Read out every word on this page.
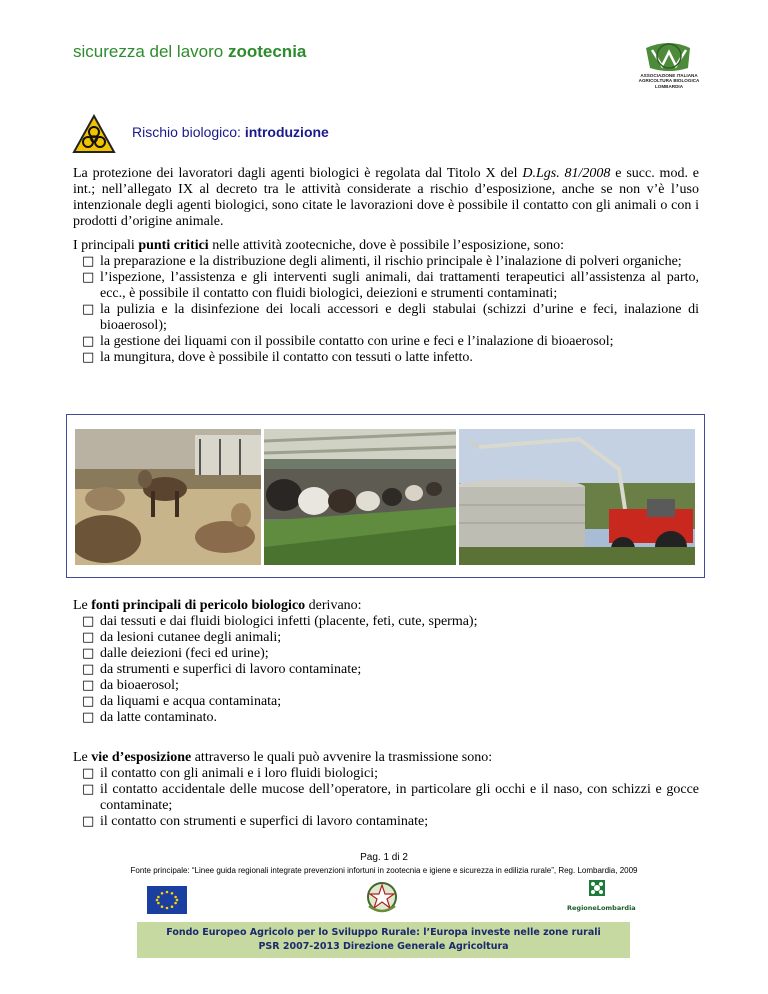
sicurezza del lavoro zootecnia
ASSOCIAZIONE ITALIANA
AGRICOLTURA BIOLOGICA
LOMBARDIA
Rischio biologico: introduzione

La protezione dei lavoratori dagli agenti biologici è regolata dal Titolo X del D.Lgs. 81/2008 e succ. mod. e int.; nell’allegato IX al decreto tra le attività considerate a rischio d’esposizione, anche se non v’è l’uso intenzionale degli agenti biologici, sono citate le lavorazioni dove è possibile il contatto con gli animali o con i prodotti d’origine animale.

I principali punti critici nelle attività zootecniche, dove è possibile l’esposizione, sono:

□ la preparazione e la distribuzione degli alimenti, il rischio principale è l’inalazione di polveri organiche;
□ l’ispezione, l’assistenza e gli interventi sugli animali, dai trattamenti terapeutici all’assistenza al parto, ecc., è possibile il contatto con fluidi biologici, deiezioni e strumenti contaminati;
□ la pulizia e la disinfezione dei locali accessori e degli stabulai (schizzi d’urine e feci, inalazione di bioaerosol);
□ la gestione dei liquami con il possibile contatto con urine e feci e l’inalazione di bioaerosol;
□ la mungitura, dove è possibile il contatto con tessuti o latte infetto.

Le fonti principali di pericolo biologico derivano:

□ dai tessuti e dai fluidi biologici infetti (placente, feti, cute, sperma);
□ da lesioni cutanee degli animali;
□ dalle deiezioni (feci ed urine);
□ da strumenti e superfici di lavoro contaminate;
□ da bioaerosol;
□ da liquami e acqua contaminata;
□ da latte contaminato.

Le vie d’esposizione attraverso le quali può avvenire la trasmissione sono:

□ il contatto con gli animali e i loro fluidi biologici;
□ il contatto accidentale delle mucose dell’operatore, in particolare gli occhi e il naso, con schizzi e gocce contaminate;
□ il contatto con strumenti e superfici di lavoro contaminate;
Pag. 1 di 2
Fonte principale: “Linee guida regionali integrate prevenzioni infortuni in zootecnia e igiene e sicurezza in edilizia rurale”, Reg. Lombardia, 2009
RegioneLombardia
Fondo Europeo Agricolo per lo Sviluppo Rurale: l’Europa investe nelle zone rurali
PSR 2007-2013 Direzione Generale Agricoltura
